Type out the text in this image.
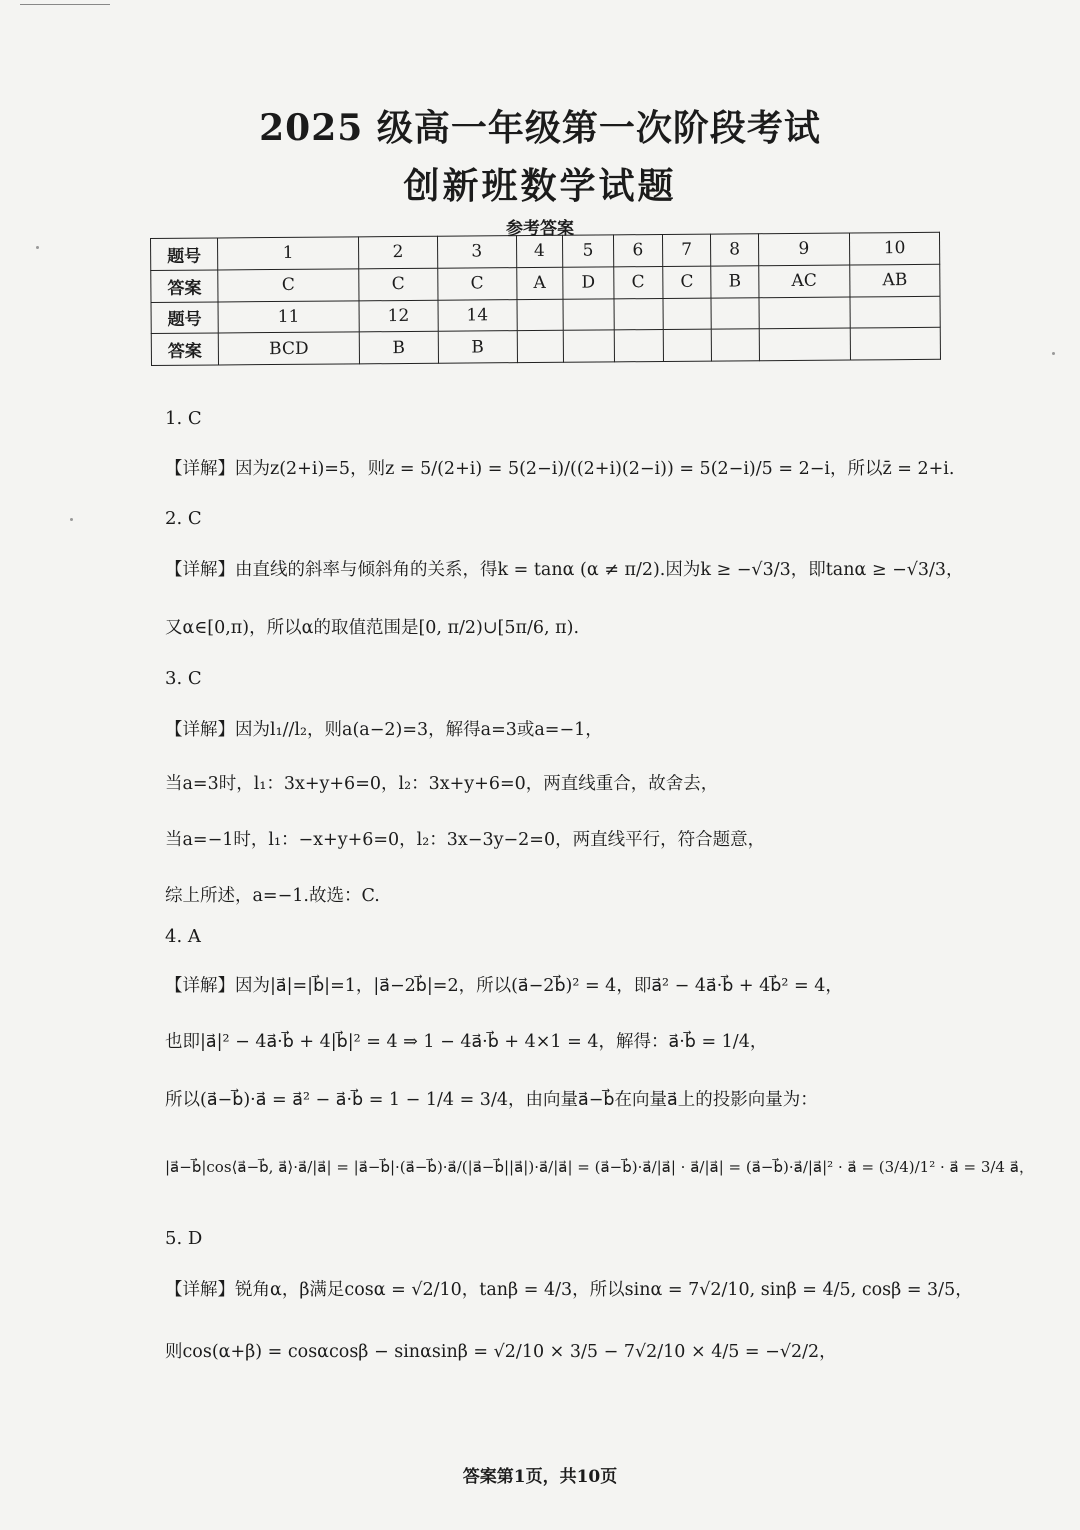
2025 级高一年级第一次阶段考试
创新班数学试题
参考答案
题号	1	2	3	4	5	6	7	8	9	10
答案	C	C	C	A	D	C	C	B	AC	AB
题号	11	12	14							
答案	BCD	B	B							
1. C
【详解】因为z(2+i)=5，则z = 5/(2+i) = 5(2−i)/((2+i)(2−i)) = 5(2−i)/5 = 2−i，所以z̄ = 2+i.
2. C
【详解】由直线的斜率与倾斜角的关系，得k = tanα (α ≠ π/2).因为k ≥ −√3/3，即tanα ≥ −√3/3，
又α∈[0,π)，所以α的取值范围是[0, π/2)∪[5π/6, π).
3. C
【详解】因为l₁//l₂，则a(a−2)=3，解得a=3或a=−1，
当a=3时，l₁：3x+y+6=0，l₂：3x+y+6=0，两直线重合，故舍去，
当a=−1时，l₁：−x+y+6=0，l₂：3x−3y−2=0，两直线平行，符合题意，
综上所述，a=−1.故选：C.
4. A
【详解】因为|a⃗|=|b⃗|=1，|a⃗−2b⃗|=2，所以(a⃗−2b⃗)² = 4，即a⃗² − 4a⃗·b⃗ + 4b⃗² = 4，
也即|a⃗|² − 4a⃗·b⃗ + 4|b⃗|² = 4 ⇒ 1 − 4a⃗·b⃗ + 4×1 = 4，解得：a⃗·b⃗ = 1/4，
所以(a⃗−b⃗)·a⃗ = a⃗² − a⃗·b⃗ = 1 − 1/4 = 3/4，由向量a⃗−b⃗在向量a⃗上的投影向量为：
|a⃗−b⃗|cos⟨a⃗−b⃗, a⃗⟩·a⃗/|a⃗| = |a⃗−b⃗|·(a⃗−b⃗)·a⃗/(|a⃗−b⃗||a⃗|)·a⃗/|a⃗| = (a⃗−b⃗)·a⃗/|a⃗| · a⃗/|a⃗| = (a⃗−b⃗)·a⃗/|a⃗|² · a⃗ = (3/4)/1² · a⃗ = 3/4 a⃗，
5. D
【详解】锐角α，β满足cosα = √2/10，tanβ = 4/3，所以sinα = 7√2/10, sinβ = 4/5, cosβ = 3/5，
则cos(α+β) = cosαcosβ − sinαsinβ = √2/10 × 3/5 − 7√2/10 × 4/5 = −√2/2，
答案第1页，共10页
